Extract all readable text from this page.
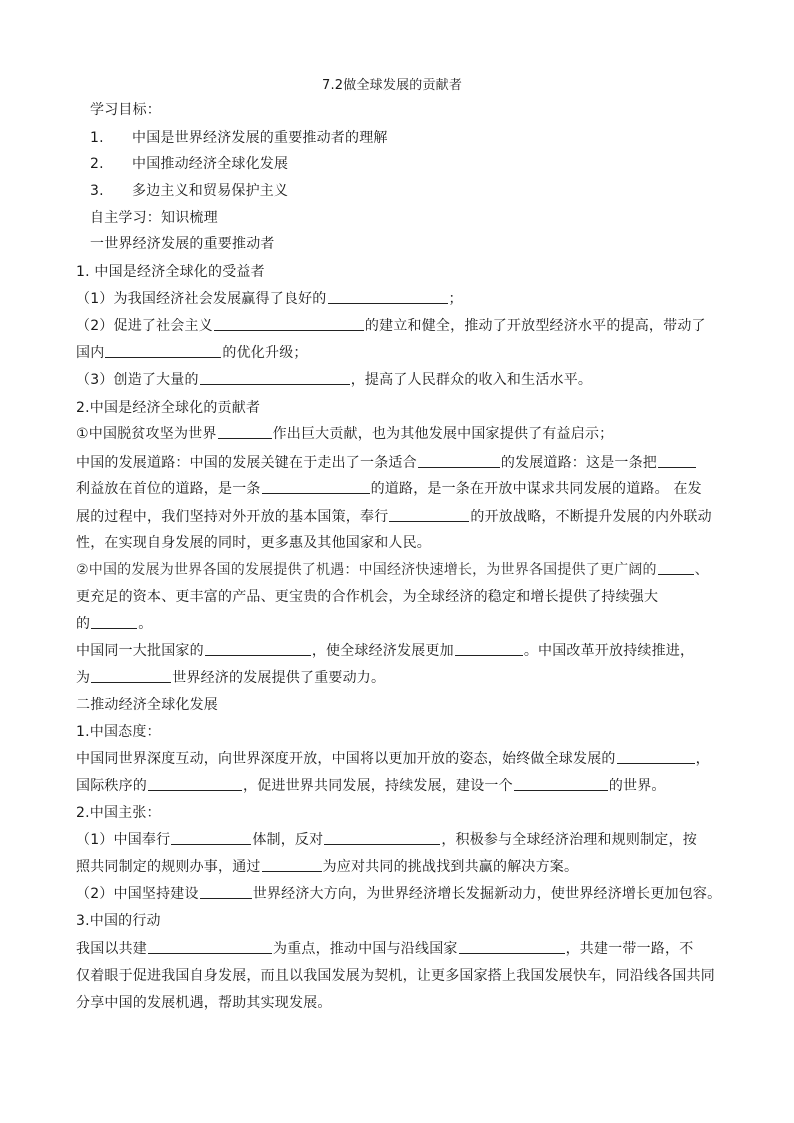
7.2做全球发展的贡献者
学习目标：
1. 中国是世界经济发展的重要推动者的理解
2. 中国推动经济全球化发展
3. 多边主义和贸易保护主义
自主学习：知识梳理
一世界经济发展的重要推动者
1. 中国是经济全球化的受益者
（1）为我国经济社会发展赢得了良好的	；
（2）促进了社会主义	的建立和健全，推动了开放型经济水平的提高，带动了
国内	的优化升级；
（3）创造了大量的	，提高了人民群众的收入和生活水平。
2.中国是经济全球化的贡献者
①中国脱贫攻坚为世界	作出巨大贡献，也为其他发展中国家提供了有益启示；
中国的发展道路：中国的发展关键在于走出了一条适合	的发展道路：这是一条把
利益放在首位的道路，是一条	的道路，是一条在开放中谋求共同发展的道路。 在发
展的过程中，我们坚持对外开放的基本国策，奉行	的开放战略，不断提升发展的内外联动
性，在实现自身发展的同时，更多惠及其他国家和人民。
②中国的发展为世界各国的发展提供了机遇：中国经济快速增长，为世界各国提供了更广阔的	、
更充足的资本、更丰富的产品、更宝贵的合作机会，为全球经济的稳定和增长提供了持续强大
的	。
中国同一大批国家的	，使全球经济发展更加	。中国改革开放持续推进，
为	世界经济的发展提供了重要动力。
二推动经济全球化发展
1.中国态度：
中国同世界深度互动，向世界深度开放，中国将以更加开放的姿态，始终做全球发展的	，
国际秩序的	，促进世界共同发展，持续发展，建设一个	的世界。
2.中国主张：
（1）中国奉行	体制，反对	，积极参与全球经济治理和规则制定，按
照共同制定的规则办事，通过	为应对共同的挑战找到共赢的解决方案。
（2）中国坚持建设	世界经济大方向，为世界经济增长发掘新动力，使世界经济增长更加包容。
3.中国的行动
我国以共建	为重点，推动中国与沿线国家	，共建一带一路，不
仅着眼于促进我国自身发展，而且以我国发展为契机，让更多国家搭上我国发展快车，同沿线各国共同
分享中国的发展机遇，帮助其实现发展。
